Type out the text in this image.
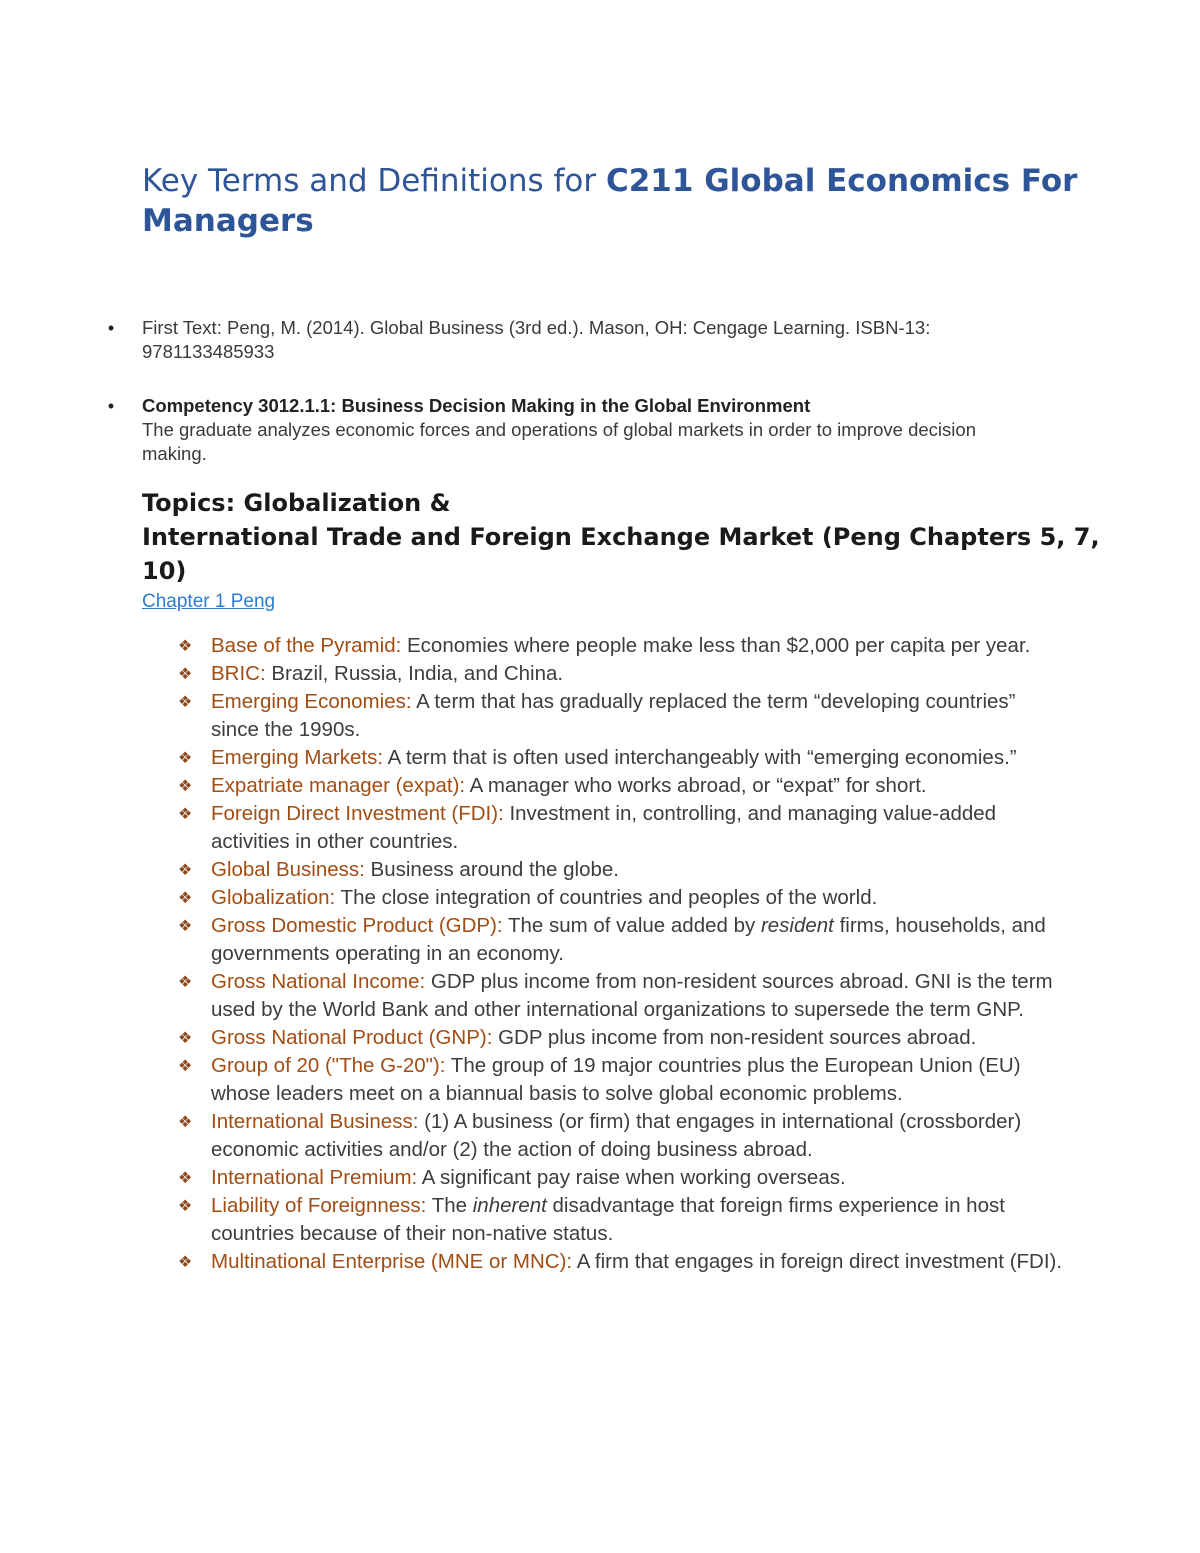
Key Terms and Definitions for C211 Global Economics For Managers
• First Text: Peng, M. (2014). Global Business (3rd ed.). Mason, OH: Cengage Learning. ISBN-13: 9781133485933
• Competency 3012.1.1: Business Decision Making in the Global Environment
The graduate analyzes economic forces and operations of global markets in order to improve decision making.
Topics: Globalization &
International Trade and Foreign Exchange Market (Peng Chapters 5, 7, 10)
Chapter 1 Peng
❖ Base of the Pyramid: Economies where people make less than $2,000 per capita per year.
❖ BRIC: Brazil, Russia, India, and China.
❖ Emerging Economies: A term that has gradually replaced the term “developing countries” since the 1990s.
❖ Emerging Markets: A term that is often used interchangeably with “emerging economies.”
❖ Expatriate manager (expat): A manager who works abroad, or “expat” for short.
❖ Foreign Direct Investment (FDI): Investment in, controlling, and managing value-added activities in other countries.
❖ Global Business: Business around the globe.
❖ Globalization: The close integration of countries and peoples of the world.
❖ Gross Domestic Product (GDP): The sum of value added by resident firms, households, and governments operating in an economy.
❖ Gross National Income: GDP plus income from non-resident sources abroad. GNI is the term used by the World Bank and other international organizations to supersede the term GNP.
❖ Gross National Product (GNP): GDP plus income from non-resident sources abroad.
❖ Group of 20 ("The G-20"): The group of 19 major countries plus the European Union (EU) whose leaders meet on a biannual basis to solve global economic problems.
❖ International Business: (1) A business (or firm) that engages in international (crossborder) economic activities and/or (2) the action of doing business abroad.
❖ International Premium: A significant pay raise when working overseas.
❖ Liability of Foreignness: The inherent disadvantage that foreign firms experience in host countries because of their non-native status.
❖ Multinational Enterprise (MNE or MNC): A firm that engages in foreign direct investment (FDI).
